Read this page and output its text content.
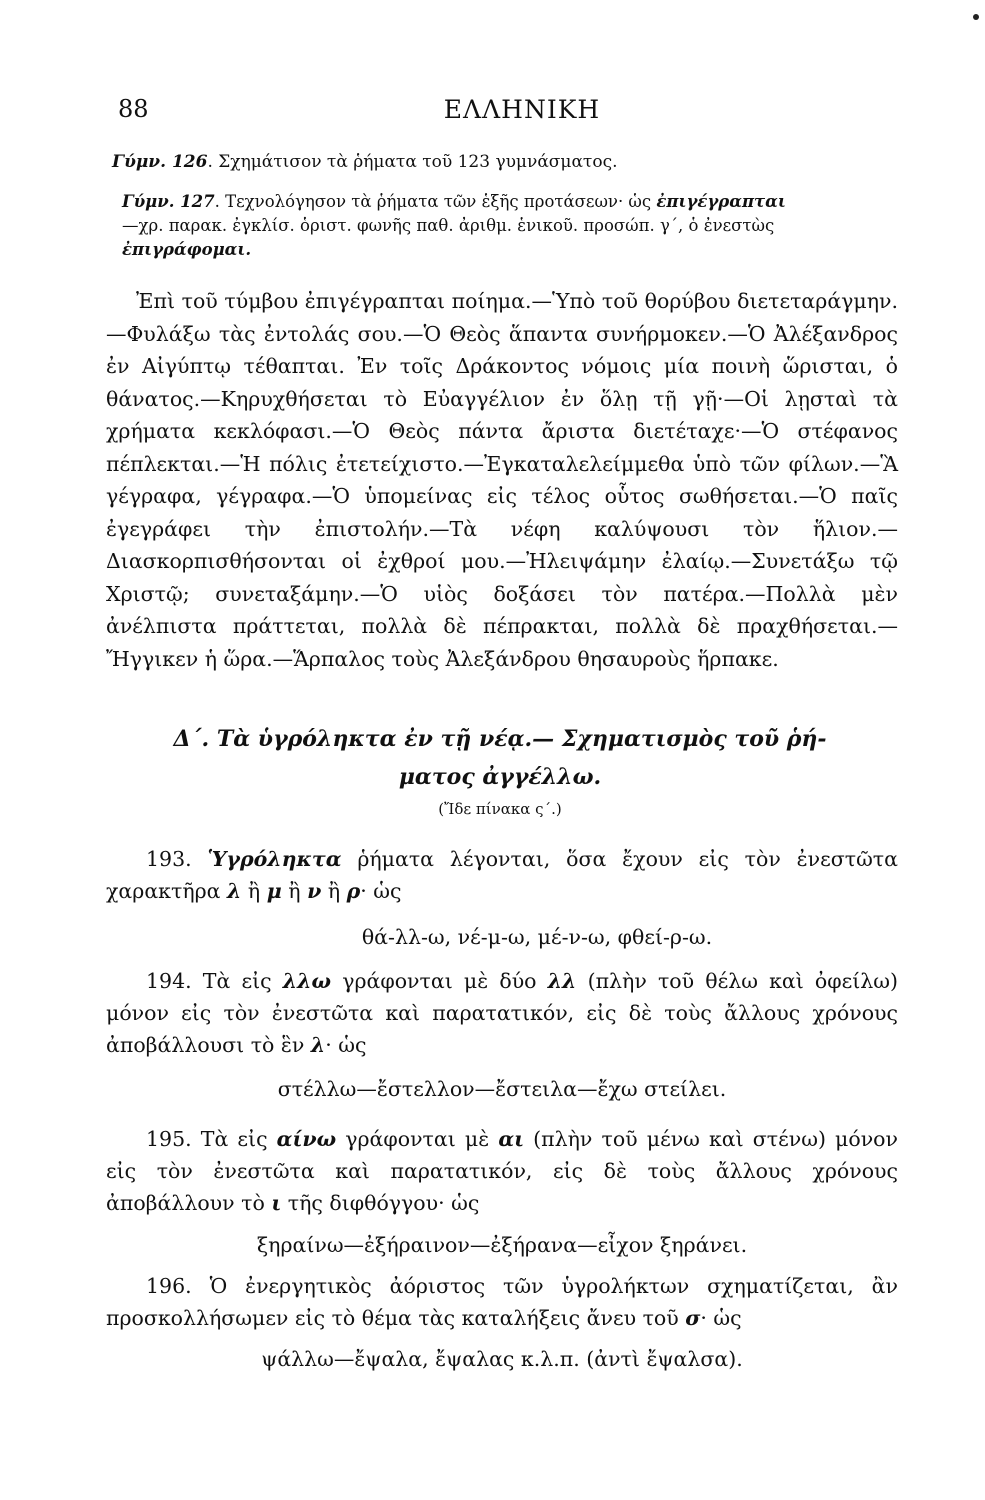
88	ΕΛΛΗΝΙΚΗ
Γύμν. 126. Σχημάτισον τὰ ῥήματα τοῦ 123 γυμνάσματος.
Γύμν. 127. Τεχνολόγησον τὰ ῥήματα τῶν ἑξῆς προτάσεων· ὡς ἐπιγέγραπται
—χρ. παρακ. ἐγκλίσ. ὁριστ. φωνῆς παθ. ἀριθμ. ἑνικοῦ. προσώπ. γ΄, ὁ ἐνεστὼς
ἐπιγράφομαι.

Ἐπὶ τοῦ τύμβου ἐπιγέγραπται ποίημα.—Ὑπὸ τοῦ θορύβου διετεταράγμην.—Φυλάξω τὰς ἐντολάς σου.—Ὁ Θεὸς ἅπαντα συνήρμοκεν.—Ὁ Ἀλέξανδρος ἐν Αἰγύπτῳ τέθαπται. Ἐν τοῖς Δράκοντος νόμοις μία ποινὴ ὥρισται, ὁ θάνατος.—Κηρυχθήσεται τὸ Εὐαγγέλιον ἐν ὅλῃ τῇ γῇ·—Οἱ λῃσταὶ τὰ χρήματα κεκλόφασι.—Ὁ Θεὸς πάντα ἄριστα διετέταχε·—Ὁ στέφανος πέπλεκται.—Ἡ πόλις ἐτετείχιστο.—Ἐγκαταλελείμμεθα ὑπὸ τῶν φίλων.—Ἃ γέγραφα, γέγραφα.—Ὁ ὑπομείνας εἰς τέλος οὗτος σωθήσεται.—Ὁ παῖς ἐγεγράφει τὴν ἐπιστολήν.—Τὰ νέφη καλύψουσι τὸν ἥλιον.—Διασκορπισθήσονται οἱ ἐχθροί μου.—Ἠλειψάμην ἐλαίῳ.—Συνετάξω τῷ Χριστῷ; συνεταξάμην.—Ὁ υἱὸς δοξάσει τὸν πατέρα.—Πολλὰ μὲν ἀνέλπιστα πράττεται, πολλὰ δὲ πέπρακται, πολλὰ δὲ πραχθήσεται.—Ἤγγικεν ἡ ὥρα.—Ἅρπαλος τοὺς Ἀλεξάνδρου θησαυροὺς ἥρπακε.

Δ΄. Τὰ ὑγρόληκτα ἐν τῇ νέᾳ.— Σχηματισμὸς τοῦ ῥή-
ματος ἀγγέλλω.
(Ἴδε πίνακα ς΄.)

193. Ὑγρόληκτα ῥήματα λέγονται, ὅσα ἔχουν εἰς τὸν ἐνεστῶτα χαρακτῆρα λ ἢ μ ἢ ν ἢ ρ· ὡς

θά-λλ-ω, νέ-μ-ω, μέ-ν-ω, φθεί-ρ-ω.

194. Τὰ εἰς λλω γράφονται μὲ δύο λλ (πλὴν τοῦ θέλω καὶ ὀφείλω) μόνον εἰς τὸν ἐνεστῶτα καὶ παρατατικόν, εἰς δὲ τοὺς ἄλλους χρόνους ἀποβάλλουσι τὸ ἓν λ· ὡς

στέλλω—ἔστελλον—ἔστειλα—ἔχω στείλει.

195. Τὰ εἰς αίνω γράφονται μὲ αι (πλὴν τοῦ μένω καὶ στένω) μόνον εἰς τὸν ἐνεστῶτα καὶ παρατατικόν, εἰς δὲ τοὺς ἄλλους χρόνους ἀποβάλλουν τὸ ι τῆς διφθόγγου· ὡς

ξηραίνω—ἐξήραινον—ἐξήρανα—εἶχον ξηράνει.

196. Ὁ ἐνεργητικὸς ἀόριστος τῶν ὑγρολήκτων σχηματίζεται, ἂν προσκολλήσωμεν εἰς τὸ θέμα τὰς καταλήξεις ἄνευ τοῦ σ· ὡς

ψάλλω—ἔψαλα, ἔψαλας κ.λ.π. (ἀντὶ ἔψαλσα).
